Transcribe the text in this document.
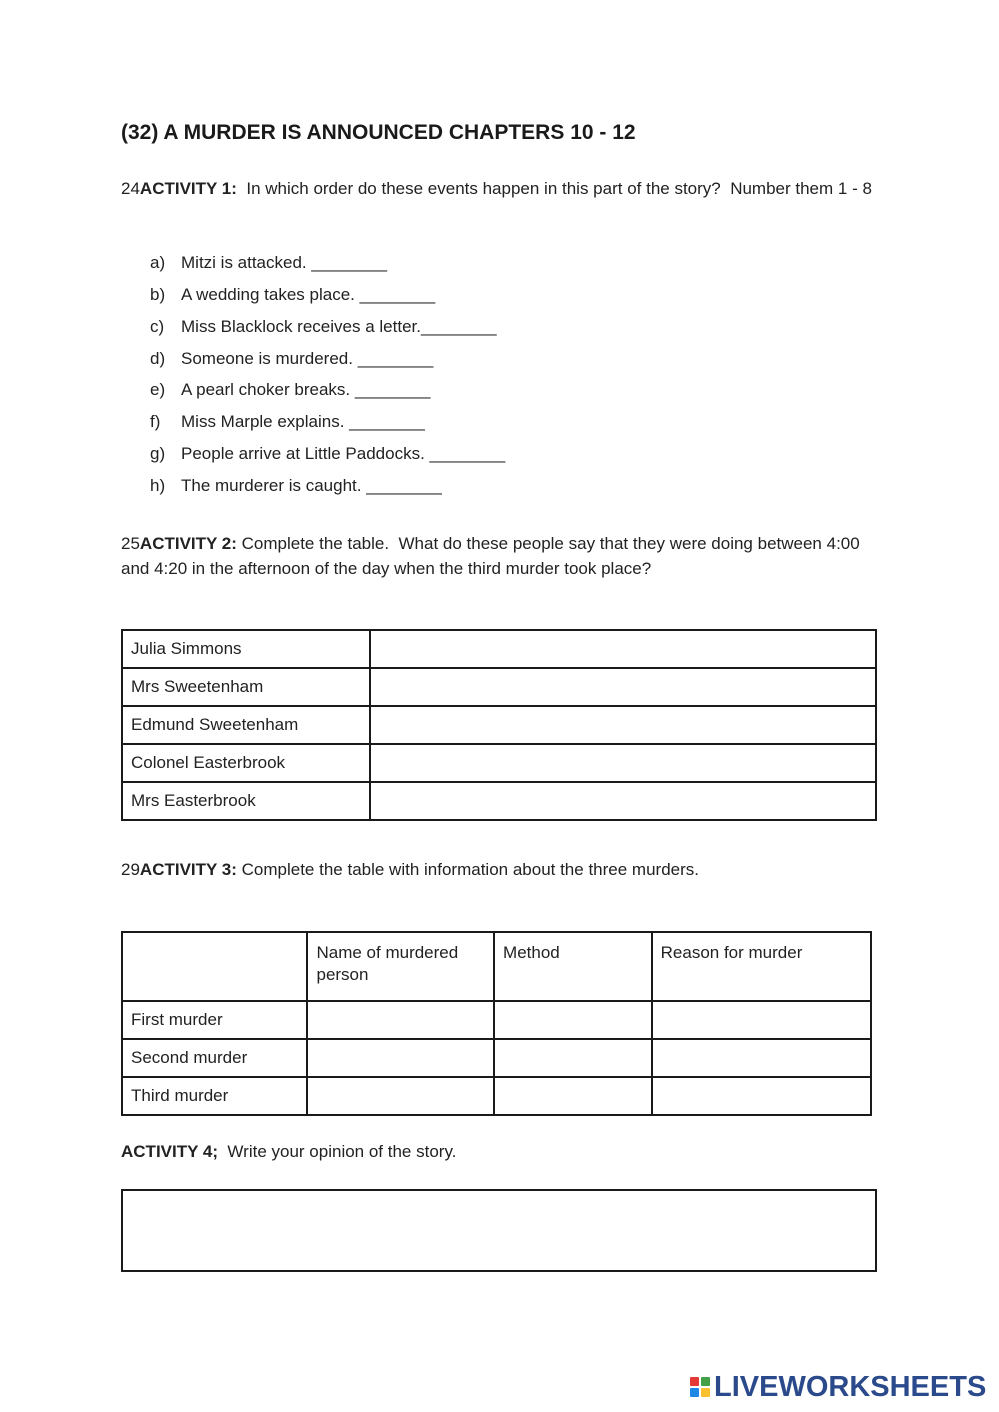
(32) A MURDER IS ANNOUNCED CHAPTERS 10 - 12

24ACTIVITY 1:  In which order do these events happen in this part of the story?  Number them 1 - 8

a) Mitzi is attacked. ________
b) A wedding takes place. ________
c) Miss Blacklock receives a letter.________
d) Someone is murdered. ________
e) A pearl choker breaks. ________
f) Miss Marple explains. ________
g) People arrive at Little Paddocks. ________
h) The murderer is caught. ________

25ACTIVITY 2: Complete the table.  What do these people say that they were doing between 4:00 and 4:20 in the afternoon of the day when the third murder took place?

Julia Simmons	
Mrs Sweetenham	
Edmund Sweetenham	
Colonel Easterbrook	
Mrs Easterbrook	

29ACTIVITY 3: Complete the table with information about the three murders.

	Name of murdered person	Method	Reason for murder
First murder			
Second murder			
Third murder			

ACTIVITY 4;  Write your opinion of the story.

LIVEWORKSHEETS
